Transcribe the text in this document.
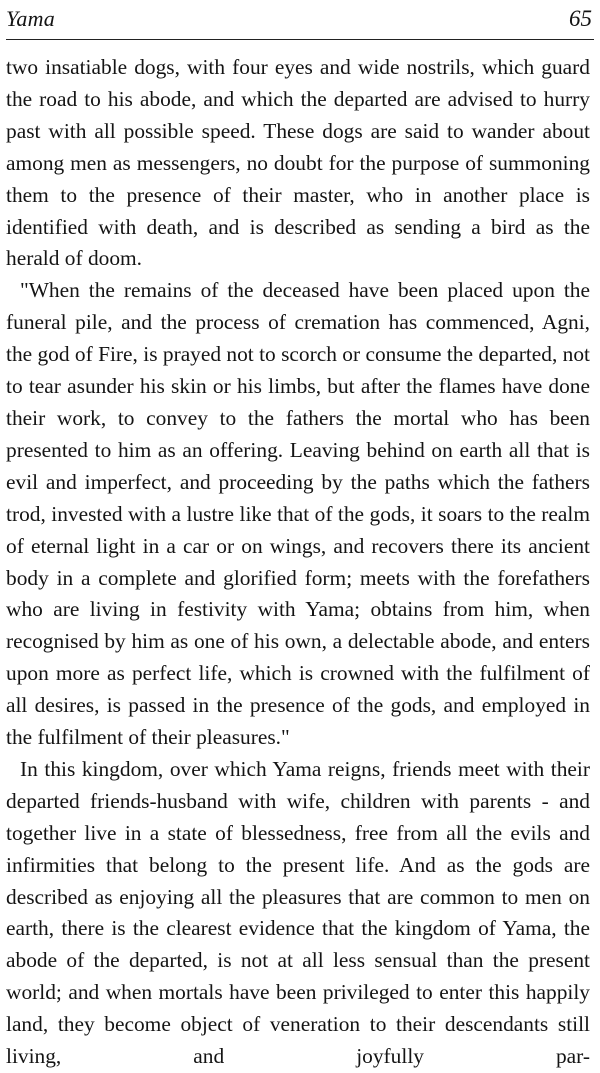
Yama	65

two insatiable dogs, with four eyes and wide nostrils, which guard the road to his abode, and which the departed are advised to hurry past with all possible speed. These dogs are said to wander about among men as messengers, no doubt for the purpose of summoning them to the presence of their master, who in another place is identified with death, and is described as sending a bird as the herald of doom.

"When the remains of the deceased have been placed upon the funeral pile, and the process of cremation has commenced, Agni, the god of Fire, is prayed not to scorch or consume the departed, not to tear asunder his skin or his limbs, but after the flames have done their work, to convey to the fathers the mortal who has been presented to him as an offering. Leaving behind on earth all that is evil and imperfect, and proceeding by the paths which the fathers trod, invested with a lustre like that of the gods, it soars to the realm of eternal light in a car or on wings, and recovers there its ancient body in a complete and glorified form; meets with the forefathers who are living in festivity with Yama; obtains from him, when recognised by him as one of his own, a delectable abode, and enters upon more as perfect life, which is crowned with the fulfilment of all desires, is passed in the presence of the gods, and employed in the fulfilment of their pleasures."

In this kingdom, over which Yama reigns, friends meet with their departed friends-husband with wife, children with parents - and together live in a state of blessedness, free from all the evils and infirmities that belong to the present life. And as the gods are described as enjoying all the pleasures that are common to men on earth, there is the clearest evidence that the kingdom of Yama, the abode of the departed, is not at all less sensual than the present world; and when mortals have been privileged to enter this happily land, they become object of veneration to their descendants still living, and joyfully par-
